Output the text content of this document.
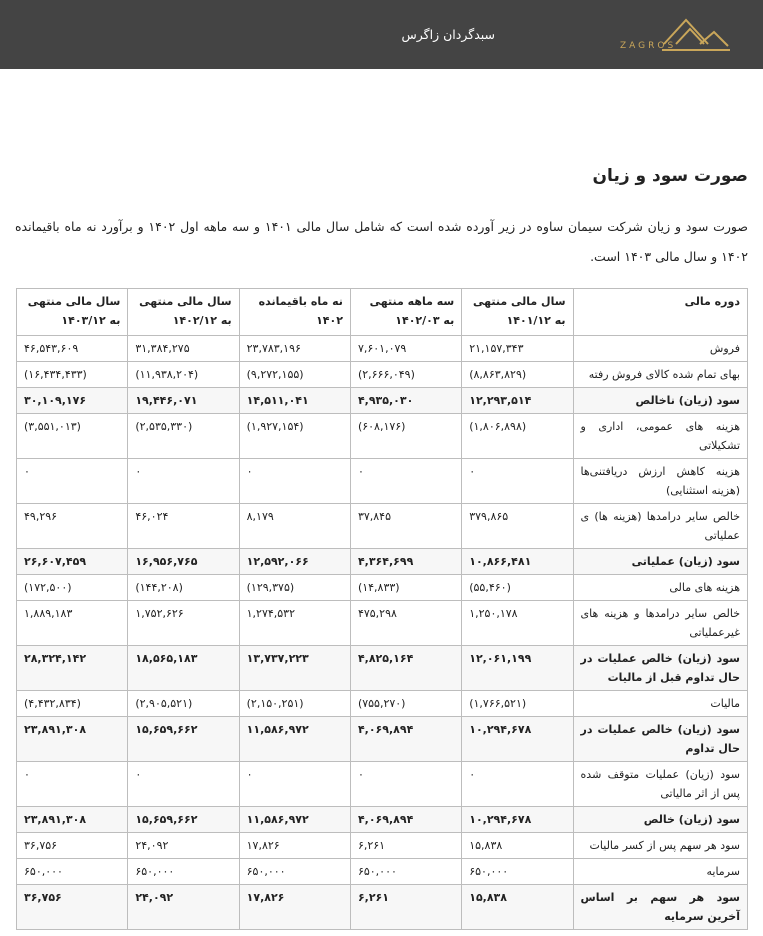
سبدگردان زاگرس
ZAGROS
صورت سود و زیان

صورت سود و زیان شرکت سیمان ساوه در زیر آورده شده است که شامل سال مالی ۱۴۰۱ و سه ماهه اول ۱۴۰۲ و برآورد نه ماه باقیمانده ۱۴۰۲ و سال مالی ۱۴۰۳ است.

دوره مالی	سال مالی منتهی به ۱۴۰۱/۱۲	سه ماهه منتهی به ۱۴۰۲/۰۳	نه ماه باقیمانده ۱۴۰۲	سال مالی منتهی به ۱۴۰۲/۱۲	سال مالی منتهی به ۱۴۰۳/۱۲
فروش	۲۱,۱۵۷,۳۴۳	۷,۶۰۱,۰۷۹	۲۳,۷۸۳,۱۹۶	۳۱,۳۸۴,۲۷۵	۴۶,۵۴۳,۶۰۹

بهای تمام شده کالای فروش رفته	(۸,۸۶۳,۸۲۹)	(۲,۶۶۶,۰۴۹)	(۹,۲۷۲,۱۵۵)	(۱۱,۹۳۸,۲۰۴)	(۱۶,۴۳۴,۴۳۳)

سود (زیان) ناخالص	۱۲,۲۹۳,۵۱۴	۴,۹۳۵,۰۳۰	۱۴,۵۱۱,۰۴۱	۱۹,۴۴۶,۰۷۱	۳۰,۱۰۹,۱۷۶

هزینه های عمومی، اداری و تشکیلاتی	(۱,۸۰۶,۸۹۸)	(۶۰۸,۱۷۶)	(۱,۹۲۷,۱۵۴)	(۲,۵۳۵,۳۳۰)	(۳,۵۵۱,۰۱۳)

هزینه کاهش ارزش دریافتنی‌ها (هزینه استثنایی)	۰	۰	۰	۰	۰

خالص سایر درامدها (هزینه ها) ی عملیاتی	۳۷۹,۸۶۵	۳۷,۸۴۵	۸,۱۷۹	۴۶,۰۲۴	۴۹,۲۹۶

سود (زیان) عملیاتی	۱۰,۸۶۶,۴۸۱	۴,۳۶۴,۶۹۹	۱۲,۵۹۲,۰۶۶	۱۶,۹۵۶,۷۶۵	۲۶,۶۰۷,۴۵۹

هزینه های مالی	(۵۵,۴۶۰)	(۱۴,۸۳۳)	(۱۲۹,۳۷۵)	(۱۴۴,۲۰۸)	(۱۷۲,۵۰۰)

خالص سایر درامدها و هزینه های غیرعملیاتی	۱,۲۵۰,۱۷۸	۴۷۵,۲۹۸	۱,۲۷۴,۵۳۲	۱,۷۵۲,۶۲۶	۱,۸۸۹,۱۸۳

سود (زیان) خالص عملیات در حال تداوم قبل از مالیات	۱۲,۰۶۱,۱۹۹	۴,۸۲۵,۱۶۴	۱۳,۷۳۷,۲۲۳	۱۸,۵۶۵,۱۸۳	۲۸,۳۲۴,۱۴۲

مالیات	(۱,۷۶۶,۵۲۱)	(۷۵۵,۲۷۰)	(۲,۱۵۰,۲۵۱)	(۲,۹۰۵,۵۲۱)	(۴,۴۳۲,۸۳۴)

سود (زیان) خالص عملیات در حال تداوم	۱۰,۲۹۴,۶۷۸	۴,۰۶۹,۸۹۴	۱۱,۵۸۶,۹۷۲	۱۵,۶۵۹,۶۶۲	۲۳,۸۹۱,۳۰۸

سود (زیان) عملیات متوقف شده پس از اثر مالیاتی	۰	۰	۰	۰	۰

سود (زیان) خالص	۱۰,۲۹۴,۶۷۸	۴,۰۶۹,۸۹۴	۱۱,۵۸۶,۹۷۲	۱۵,۶۵۹,۶۶۲	۲۳,۸۹۱,۳۰۸

سود هر سهم پس از کسر مالیات	۱۵,۸۳۸	۶,۲۶۱	۱۷,۸۲۶	۲۴,۰۹۲	۳۶,۷۵۶

سرمایه	۶۵۰,۰۰۰	۶۵۰,۰۰۰	۶۵۰,۰۰۰	۶۵۰,۰۰۰	۶۵۰,۰۰۰

سود هر سهم بر اساس آخرین سرمایه	۱۵,۸۳۸	۶,۲۶۱	۱۷,۸۲۶	۲۴,۰۹۲	۳۶,۷۵۶
